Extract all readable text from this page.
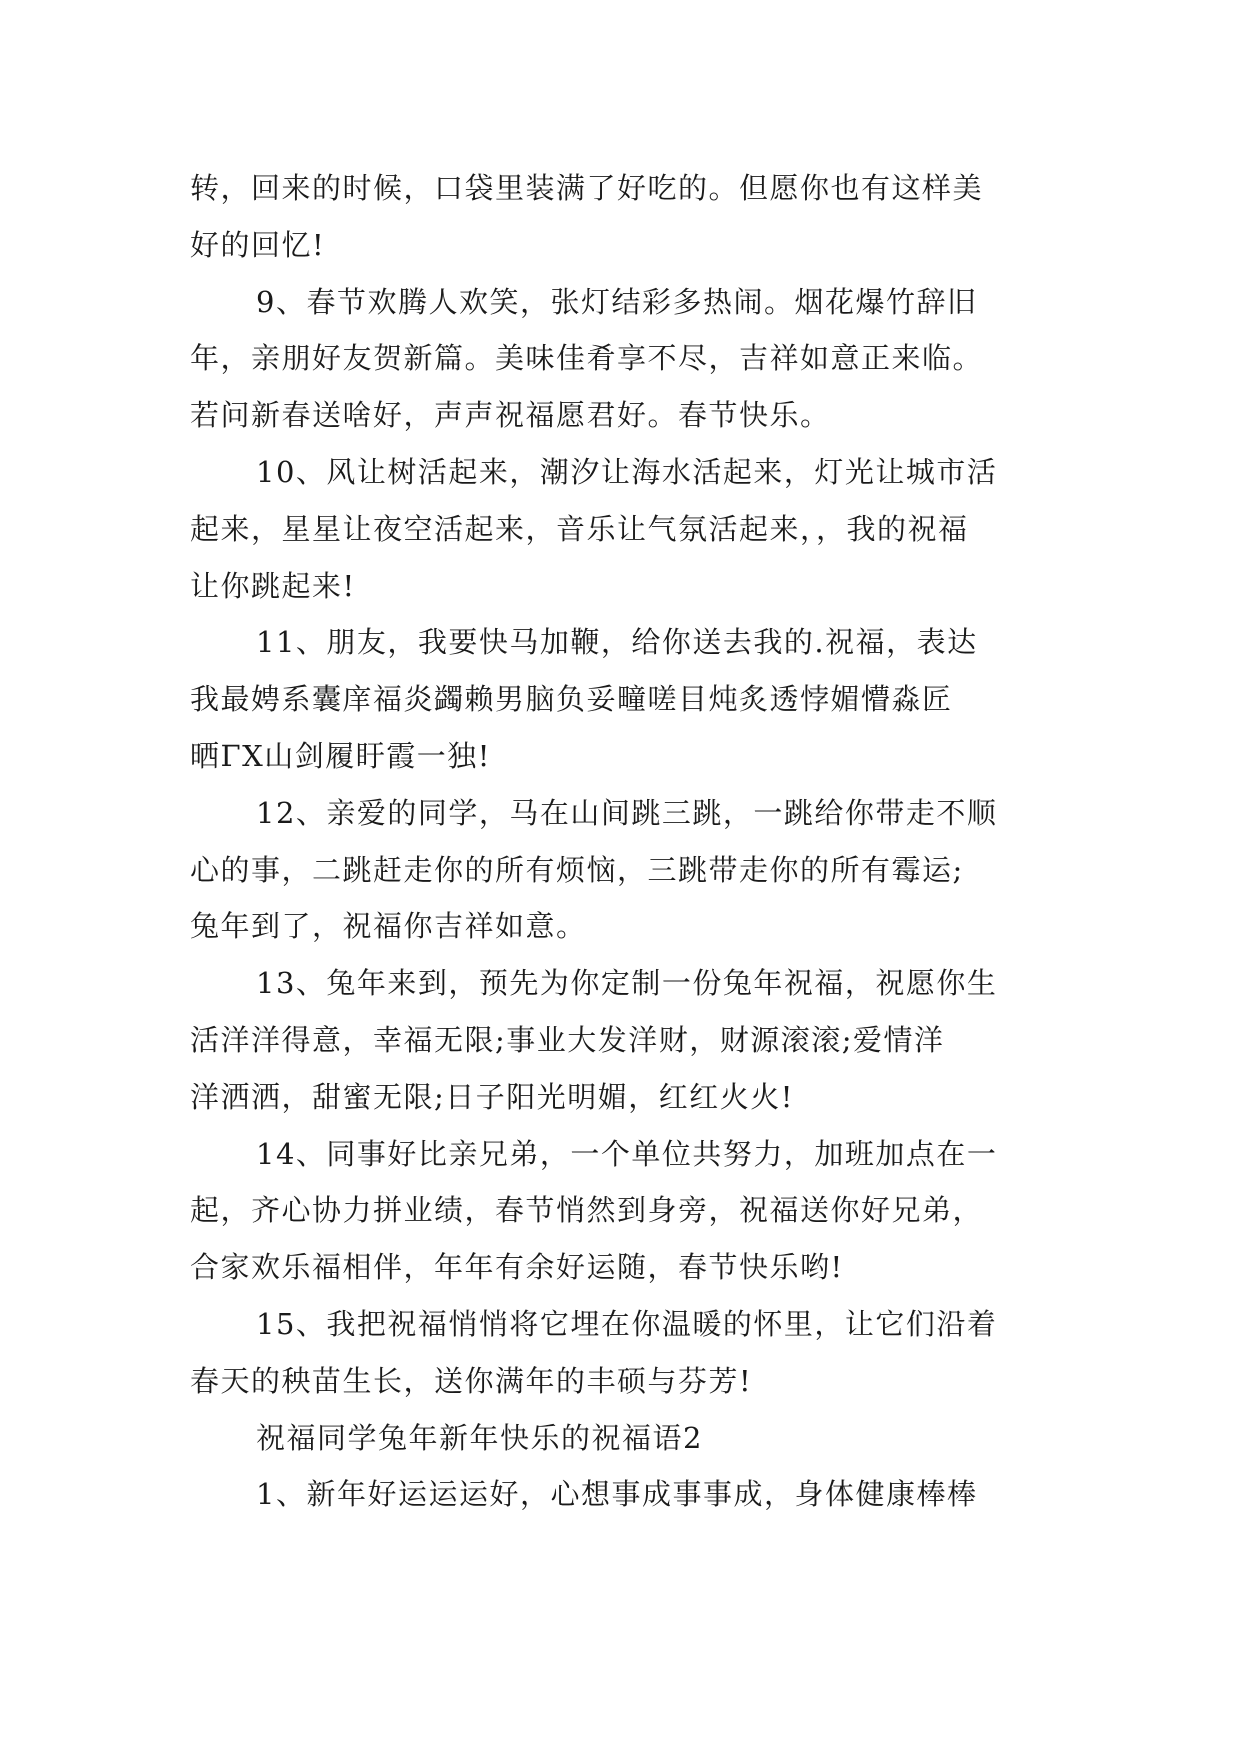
转，回来的时候，口袋里装满了好吃的。但愿你也有这样美
好的回忆!
9、春节欢腾人欢笑，张灯结彩多热闹。烟花爆竹辞旧
年，亲朋好友贺新篇。美味佳肴享不尽，吉祥如意正来临。
若问新春送啥好，声声祝福愿君好。春节快乐。
10、风让树活起来，潮汐让海水活起来，灯光让城市活
起来，星星让夜空活起来，音乐让气氛活起来，，我的祝福
让你跳起来!
11、朋友，我要快马加鞭，给你送去我的.祝福，表达
我最娉系囊庠福炎蠲赖男脑负妥疃嗟目炖炙透悖媚懵淼匠
晒ΓΧ山剑履盱霞一独!
12、亲爱的同学，马在山间跳三跳，一跳给你带走不顺
心的事，二跳赶走你的所有烦恼，三跳带走你的所有霉运;
兔年到了，祝福你吉祥如意。
13、兔年来到，预先为你定制一份兔年祝福，祝愿你生
活洋洋得意，幸福无限;事业大发洋财，财源滚滚;爱情洋
洋洒洒，甜蜜无限;日子阳光明媚，红红火火!
14、同事好比亲兄弟，一个单位共努力，加班加点在一
起，齐心协力拼业绩，春节悄然到身旁，祝福送你好兄弟，
合家欢乐福相伴，年年有余好运随，春节快乐哟!
15、我把祝福悄悄将它埋在你温暖的怀里，让它们沿着
春天的秧苗生长，送你满年的丰硕与芬芳!
祝福同学兔年新年快乐的祝福语2
1、新年好运运运好，心想事成事事成，身体健康棒棒
